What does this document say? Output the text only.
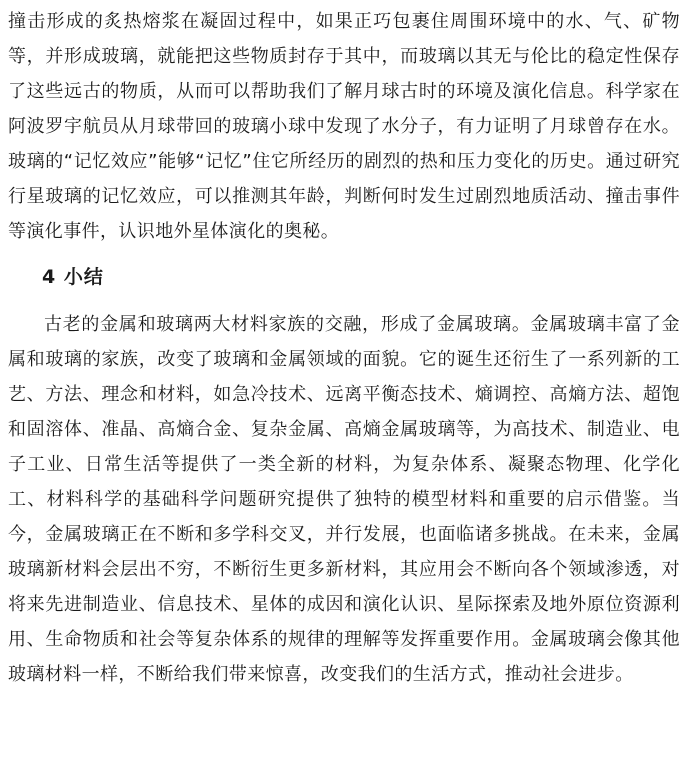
撞击形成的炙热熔浆在凝固过程中，如果正巧包裹住周围环境中的水、气、矿物等，并形成玻璃，就能把这些物质封存于其中，而玻璃以其无与伦比的稳定性保存了这些远古的物质，从而可以帮助我们了解月球古时的环境及演化信息。科学家在阿波罗宇航员从月球带回的玻璃小球中发现了水分子，有力证明了月球曾存在水。玻璃的“记忆效应”能够“记忆”住它所经历的剧烈的热和压力变化的历史。通过研究行星玻璃的记忆效应，可以推测其年龄，判断何时发生过剧烈地质活动、撞击事件等演化事件，认识地外星体演化的奥秘。

4 小结

古老的金属和玻璃两大材料家族的交融，形成了金属玻璃。金属玻璃丰富了金属和玻璃的家族，改变了玻璃和金属领域的面貌。它的诞生还衍生了一系列新的工艺、方法、理念和材料，如急冷技术、远离平衡态技术、熵调控、高熵方法、超饱和固溶体、准晶、高熵合金、复杂金属、高熵金属玻璃等，为高技术、制造业、电子工业、日常生活等提供了一类全新的材料，为复杂体系、凝聚态物理、化学化工、材料科学的基础科学问题研究提供了独特的模型材料和重要的启示借鉴。当今，金属玻璃正在不断和多学科交叉，并行发展，也面临诸多挑战。在未来，金属玻璃新材料会层出不穷，不断衍生更多新材料，其应用会不断向各个领域渗透，对将来先进制造业、信息技术、星体的成因和演化认识、星际探索及地外原位资源利用、生命物质和社会等复杂体系的规律的理解等发挥重要作用。金属玻璃会像其他玻璃材料一样，不断给我们带来惊喜，改变我们的生活方式，推动社会进步。
